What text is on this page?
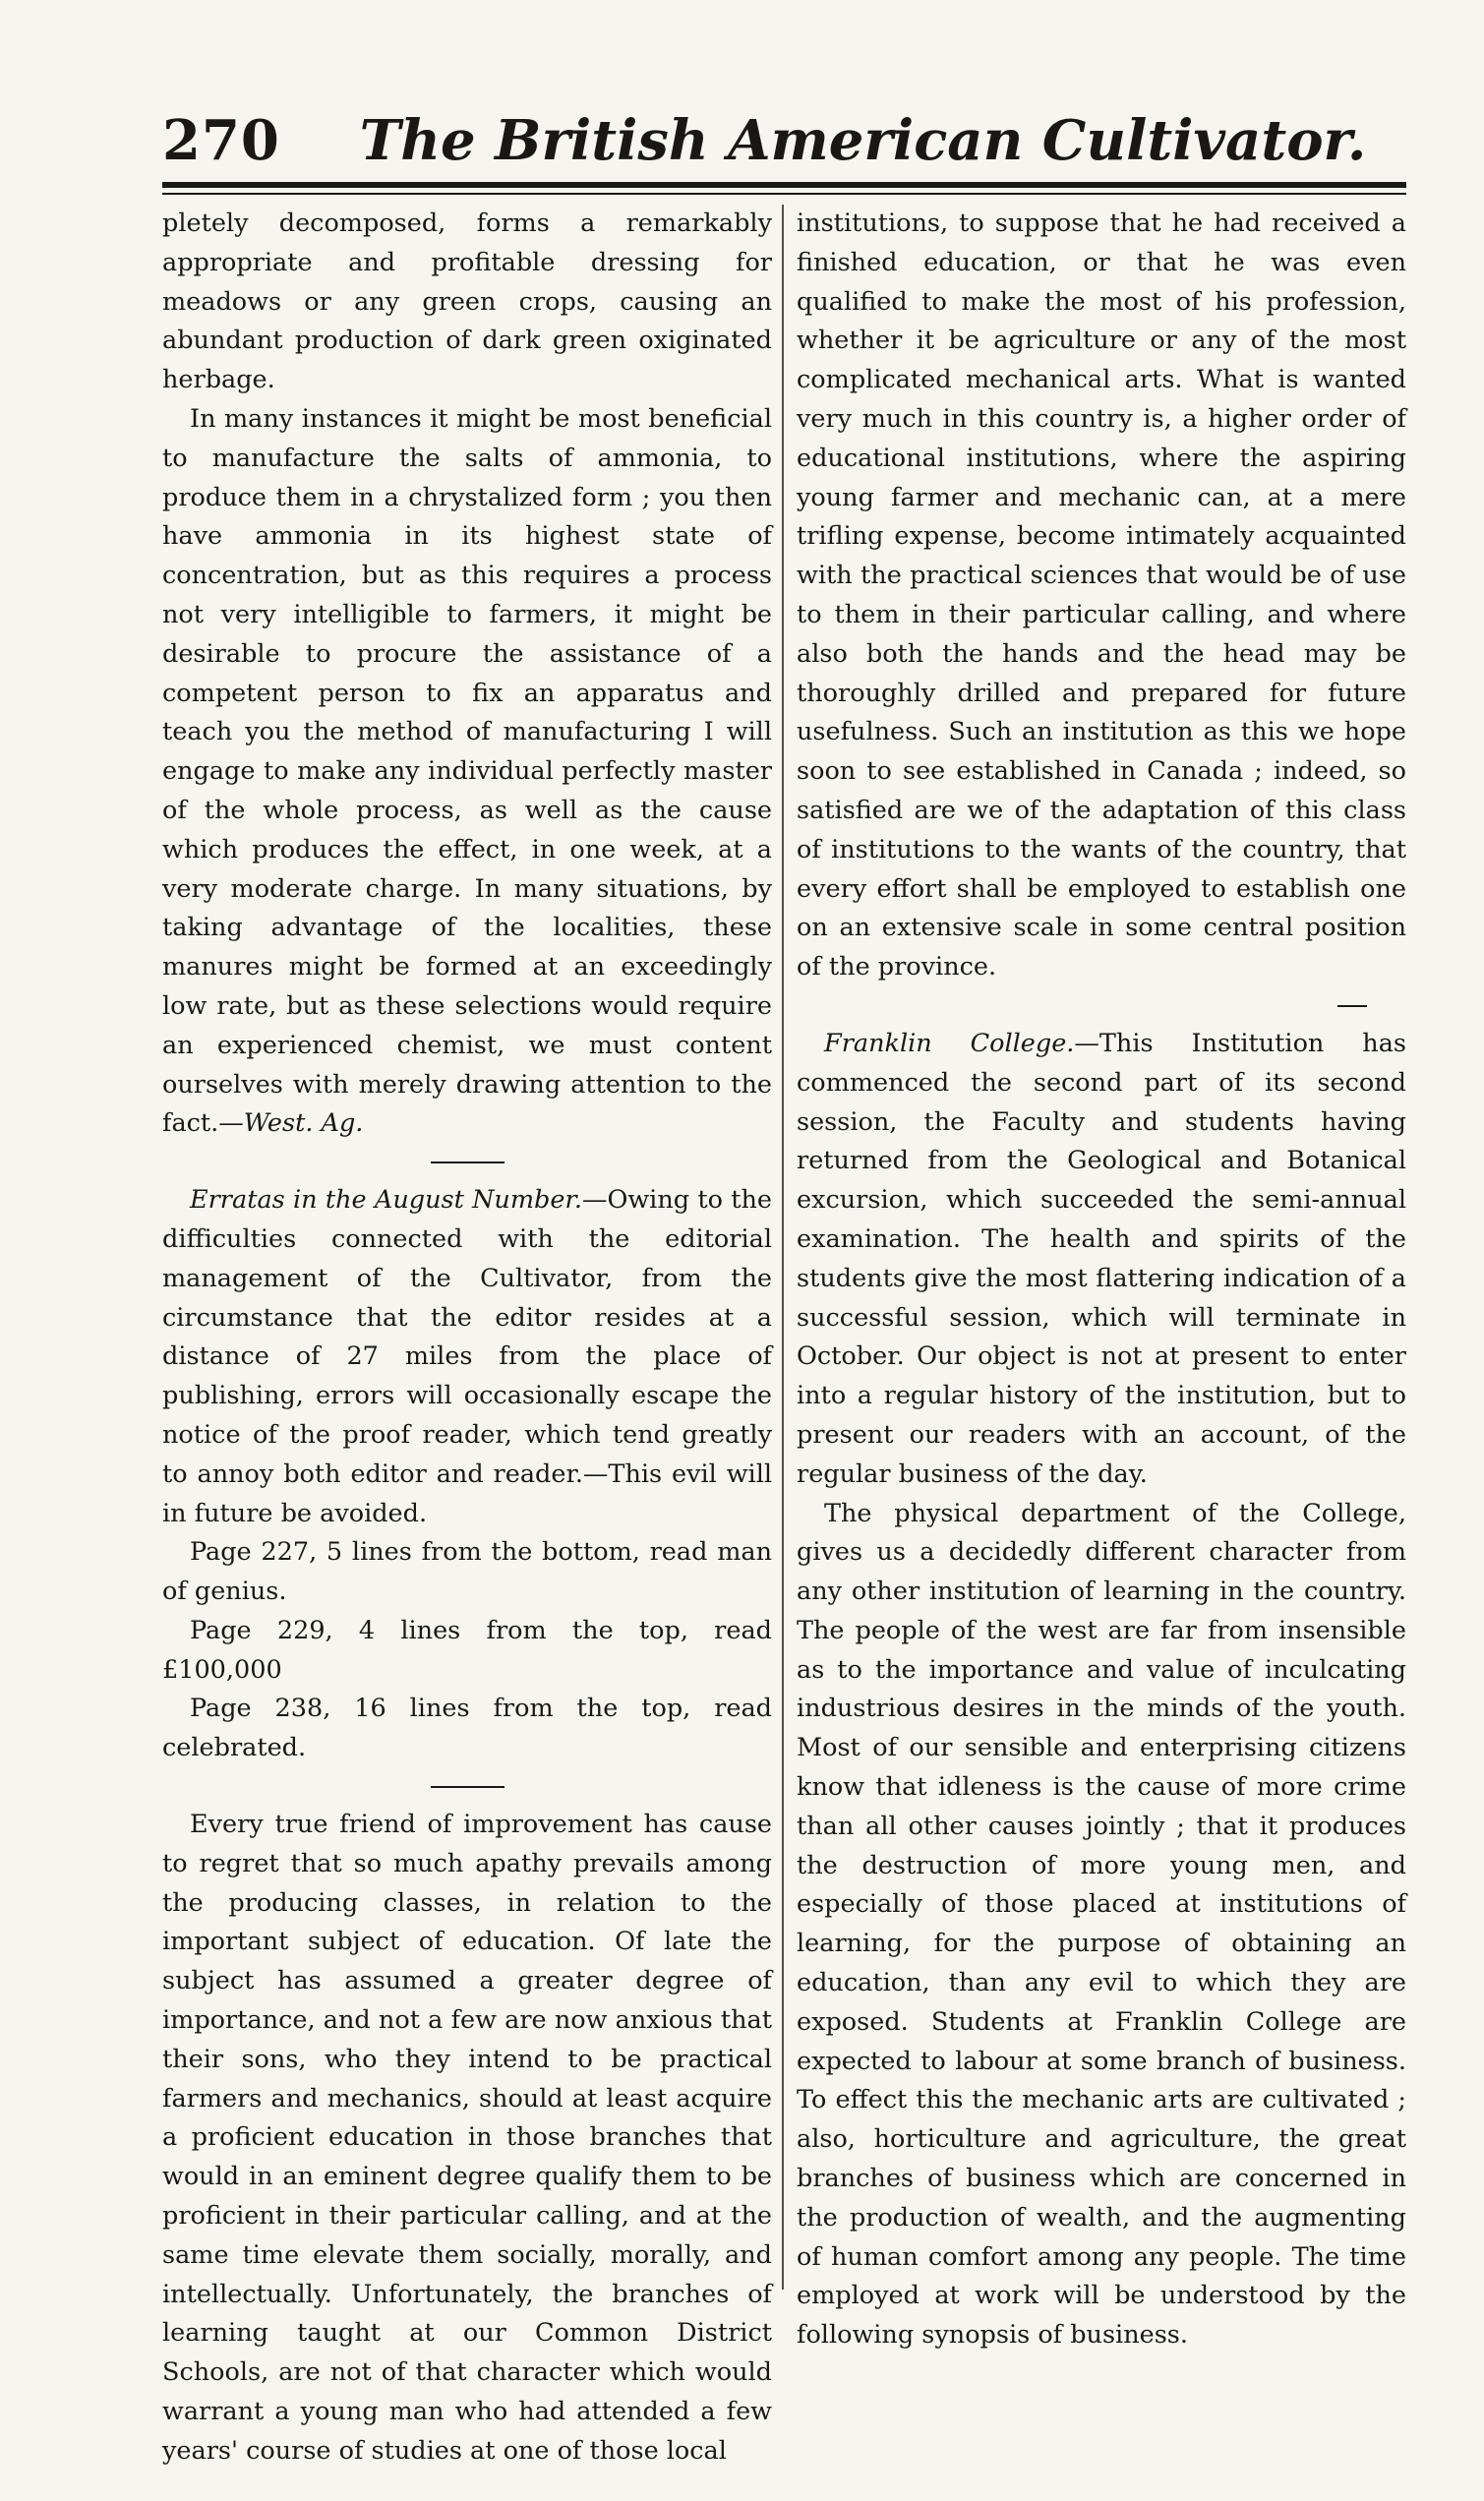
270	The British American Cultivator.

pletely decomposed, forms a remarkably appropriate and profitable dressing for meadows or any green crops, causing an abundant production of dark green oxiginated herbage.

In many instances it might be most beneficial to manufacture the salts of ammonia, to produce them in a chrystalized form ; you then have ammonia in its highest state of concentration, but as this requires a process not very intelligible to farmers, it might be desirable to procure the assistance of a competent person to fix an apparatus and teach you the method of manufacturing I will engage to make any individual perfectly master of the whole process, as well as the cause which produces the effect, in one week, at a very moderate charge. In many situations, by taking advantage of the localities, these manures might be formed at an exceedingly low rate, but as these selections would require an experienced chemist, we must content ourselves with merely drawing attention to the fact.—West. Ag.

Erratas in the August Number.—Owing to the difficulties connected with the editorial management of the Cultivator, from the circumstance that the editor resides at a distance of 27 miles from the place of publishing, errors will occasionally escape the notice of the proof reader, which tend greatly to annoy both editor and reader.—This evil will in future be avoided.

Page 227, 5 lines from the bottom, read man of genius.

Page 229, 4 lines from the top, read £100,000

Page 238, 16 lines from the top, read celebrated.

Every true friend of improvement has cause to regret that so much apathy prevails among the producing classes, in relation to the important subject of education. Of late the subject has assumed a greater degree of importance, and not a few are now anxious that their sons, who they intend to be practical farmers and mechanics, should at least acquire a proficient education in those branches that would in an eminent degree qualify them to be proficient in their particular calling, and at the same time elevate them socially, morally, and intellectually. Unfortunately, the branches of learning taught at our Common District Schools, are not of that character which would warrant a young man who had attended a few years' course of studies at one of those local

institutions, to suppose that he had received a finished education, or that he was even qualified to make the most of his profession, whether it be agriculture or any of the most complicated mechanical arts. What is wanted very much in this country is, a higher order of educational institutions, where the aspiring young farmer and mechanic can, at a mere trifling expense, become intimately acquainted with the practical sciences that would be of use to them in their particular calling, and where also both the hands and the head may be thoroughly drilled and prepared for future usefulness. Such an institution as this we hope soon to see established in Canada ; indeed, so satisfied are we of the adaptation of this class of institutions to the wants of the country, that every effort shall be employed to establish one on an extensive scale in some central position of the province.

Franklin College.—This Institution has commenced the second part of its second session, the Faculty and students having returned from the Geological and Botanical excursion, which succeeded the semi-annual examination. The health and spirits of the students give the most flattering indication of a successful session, which will terminate in October. Our object is not at present to enter into a regular history of the institution, but to present our readers with an account, of the regular business of the day.

The physical department of the College, gives us a decidedly different character from any other institution of learning in the country. The people of the west are far from insensible as to the importance and value of inculcating industrious desires in the minds of the youth. Most of our sensible and enterprising citizens know that idleness is the cause of more crime than all other causes jointly ; that it produces the destruction of more young men, and especially of those placed at institutions of learning, for the purpose of obtaining an education, than any evil to which they are exposed. Students at Franklin College are expected to labour at some branch of business. To effect this the mechanic arts are cultivated ; also, horticulture and agriculture, the great branches of business which are concerned in the production of wealth, and the augmenting of human comfort among any people. The time employed at work will be understood by the following synopsis of business.
